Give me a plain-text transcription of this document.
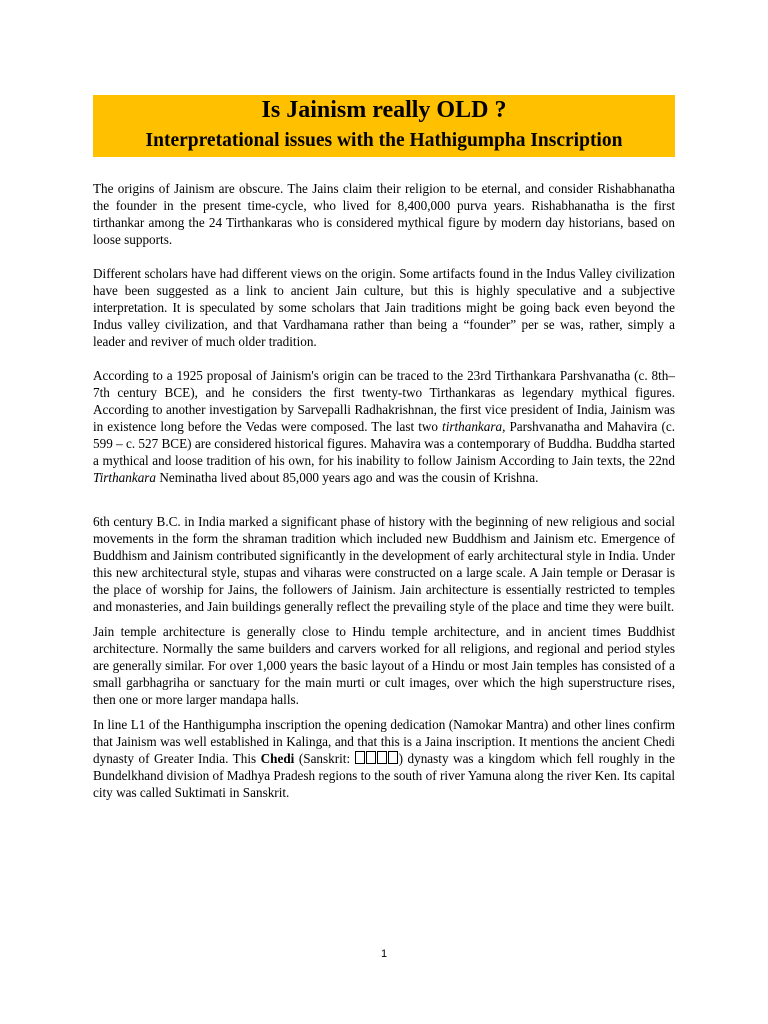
Is Jainism really OLD ?
Interpretational issues with the Hathigumpha Inscription

The origins of Jainism are obscure. The Jains claim their religion to be eternal, and consider Rishabhanatha the founder in the present time-cycle, who lived for 8,400,000 purva years. Rishabhanatha is the first tirthankar among the 24 Tirthankaras who is considered mythical figure by modern day historians, based on loose supports.

Different scholars have had different views on the origin. Some artifacts found in the Indus Valley civilization have been suggested as a link to ancient Jain culture, but this is highly speculative and a subjective interpretation. It is speculated by some scholars that Jain traditions might be going back even beyond the Indus valley civilization, and that Vardhamana rather than being a “founder” per se was, rather, simply a leader and reviver of much older tradition.

According to a 1925 proposal of Jainism's origin can be traced to the 23rd Tirthankara Parshvanatha (c. 8th–7th century BCE), and he considers the first twenty-two Tirthankaras as legendary mythical figures. According to another investigation by Sarvepalli Radhakrishnan, the first vice president of India, Jainism was in existence long before the Vedas were composed. The last two tirthankara, Parshvanatha and Mahavira (c. 599 – c. 527 BCE) are considered historical figures. Mahavira was a contemporary of Buddha. Buddha started a mythical and loose tradition of his own, for his inability to follow Jainism According to Jain texts, the 22nd Tirthankara Neminatha lived about 85,000 years ago and was the cousin of Krishna.

6th century B.C. in India marked a significant phase of history with the beginning of new religious and social movements in the form the shraman tradition which included new Buddhism and Jainism etc. Emergence of Buddhism and Jainism contributed significantly in the development of early architectural style in India. Under this new architectural style, stupas and viharas were constructed on a large scale. A Jain temple or Derasar is the place of worship for Jains, the followers of Jainism. Jain architecture is essentially restricted to temples and monasteries, and Jain buildings generally reflect the prevailing style of the place and time they were built.

Jain temple architecture is generally close to Hindu temple architecture, and in ancient times Buddhist architecture. Normally the same builders and carvers worked for all religions, and regional and period styles are generally similar. For over 1,000 years the basic layout of a Hindu or most Jain temples has consisted of a small garbhagriha or sanctuary for the main murti or cult images, over which the high superstructure rises, then one or more larger mandapa halls.

In line L1 of the Hanthigumpha inscription the opening dedication (Namokar Mantra) and other lines confirm that Jainism was well established in Kalinga, and that this is a Jaina inscription. It mentions the ancient Chedi dynasty of Greater India. This Chedi (Sanskrit:	) dynasty was a kingdom which fell roughly in the Bundelkhand division of Madhya Pradesh regions to the south of river Yamuna along the river Ken. Its capital city was called Suktimati in Sanskrit.

1
